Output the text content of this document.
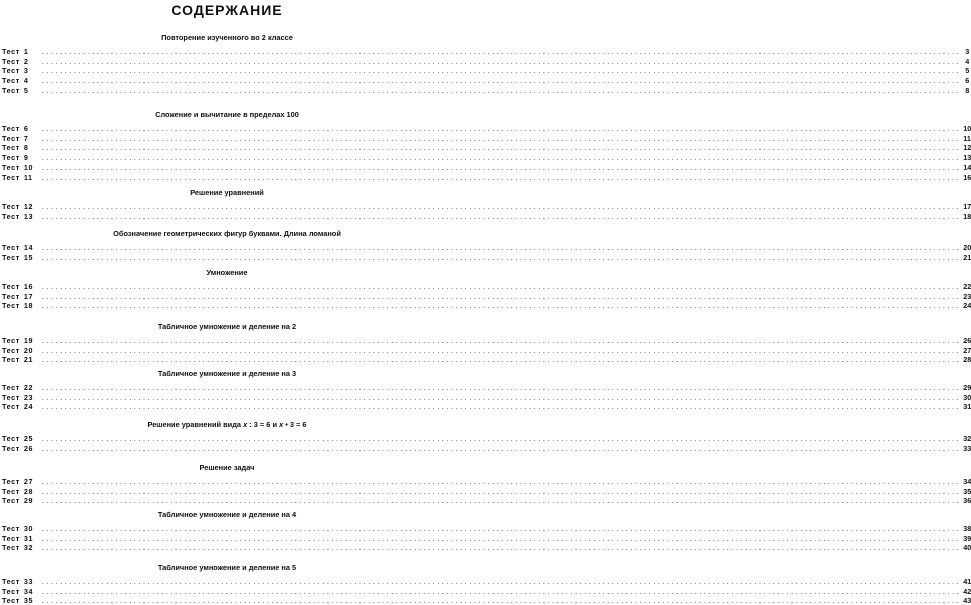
СОДЕРЖАНИЕ
Повторение изученного во 2 классе
Тест 1	........................................................................................................................................................................................................ 3
Тест 2	........................................................................................................................................................................................................ 4
Тест 3	........................................................................................................................................................................................................ 5
Тест 4	........................................................................................................................................................................................................ 6
Тест 5	........................................................................................................................................................................................................ 8
Сложение и вычитание в пределах 100
Тест 6	........................................................................................................................................................................................................ 10
Тест 7	........................................................................................................................................................................................................ 11
Тест 8	........................................................................................................................................................................................................ 12
Тест 9	........................................................................................................................................................................................................ 13
Тест 10	........................................................................................................................................................................................................ 14
Тест 11	........................................................................................................................................................................................................ 16
Решение уравнений
Тест 12	........................................................................................................................................................................................................ 17
Тест 13	........................................................................................................................................................................................................ 18
Обозначение геометрических фигур буквами. Длина ломаной
Тест 14	........................................................................................................................................................................................................ 20
Тест 15	........................................................................................................................................................................................................ 21
Умножение
Тест 16	........................................................................................................................................................................................................ 22
Тест 17	........................................................................................................................................................................................................ 23
Тест 18	........................................................................................................................................................................................................ 24
Табличное умножение и деление на 2
Тест 19	........................................................................................................................................................................................................ 26
Тест 20	........................................................................................................................................................................................................ 27
Тест 21	........................................................................................................................................................................................................ 28
Табличное умножение и деление на 3
Тест 22	........................................................................................................................................................................................................ 29
Тест 23	........................................................................................................................................................................................................ 30
Тест 24	........................................................................................................................................................................................................ 31
Решение уравнений вида x : 3 = 6 и x • 3 = 6
Тест 25	........................................................................................................................................................................................................ 32
Тест 26	........................................................................................................................................................................................................ 33
Решение задач
Тест 27	........................................................................................................................................................................................................ 34
Тест 28	........................................................................................................................................................................................................ 35
Тест 29	........................................................................................................................................................................................................ 36
Табличное умножение и деление на 4
Тест 30	........................................................................................................................................................................................................ 38
Тест 31	........................................................................................................................................................................................................ 39
Тест 32	........................................................................................................................................................................................................ 40
Табличное умножение и деление на 5
Тест 33	........................................................................................................................................................................................................ 41
Тест 34	........................................................................................................................................................................................................ 42
Тест 35	........................................................................................................................................................................................................ 43
